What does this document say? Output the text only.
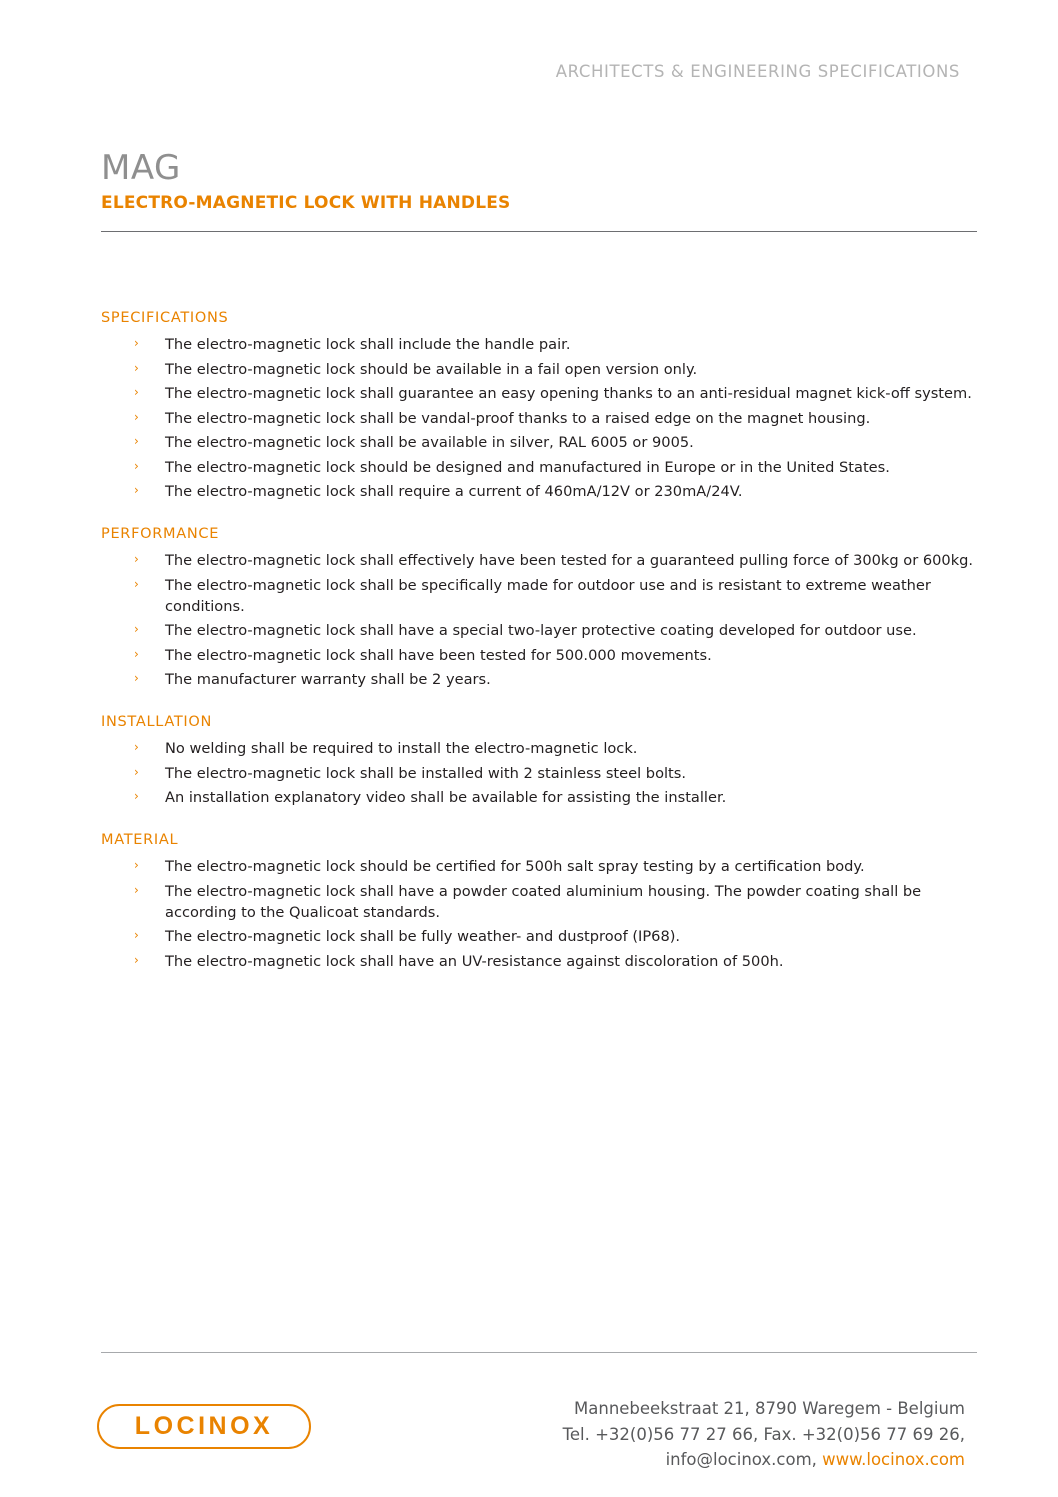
ARCHITECTS & ENGINEERING SPECIFICATIONS
MAG
ELECTRO-MAGNETIC LOCK WITH HANDLES
SPECIFICATIONS
› The electro-magnetic lock shall include the handle pair.
› The electro-magnetic lock should be available in a fail open version only.
› The electro-magnetic lock shall guarantee an easy opening thanks to an anti-residual magnet kick-off system.
› The electro-magnetic lock shall be vandal-proof thanks to a raised edge on the magnet housing.
› The electro-magnetic lock shall be available in silver, RAL 6005 or 9005.
› The electro-magnetic lock should be designed and manufactured in Europe or in the United States.
› The electro-magnetic lock shall require a current of 460mA/12V or 230mA/24V.
PERFORMANCE
› The electro-magnetic lock shall effectively have been tested for a guaranteed pulling force of 300kg or 600kg.
› The electro-magnetic lock shall be specifically made for outdoor use and is resistant to extreme weather conditions.
› The electro-magnetic lock shall have a special two-layer protective coating developed for outdoor use.
› The electro-magnetic lock shall have been tested for 500.000 movements.
› The manufacturer warranty shall be 2 years.
INSTALLATION
› No welding shall be required to install the electro-magnetic lock.
› The electro-magnetic lock shall be installed with 2 stainless steel bolts.
› An installation explanatory video shall be available for assisting the installer.
MATERIAL
› The electro-magnetic lock should be certified for 500h salt spray testing by a certification body.
› The electro-magnetic lock shall have a powder coated aluminium housing. The powder coating shall be according to the Qualicoat standards.
› The electro-magnetic lock shall be fully weather- and dustproof (IP68).
› The electro-magnetic lock shall have an UV-resistance against discoloration of 500h.
LOCINOX
Mannebeekstraat 21, 8790 Waregem - Belgium
Tel. +32(0)56 77 27 66, Fax. +32(0)56 77 69 26,
info@locinox.com, www.locinox.com
